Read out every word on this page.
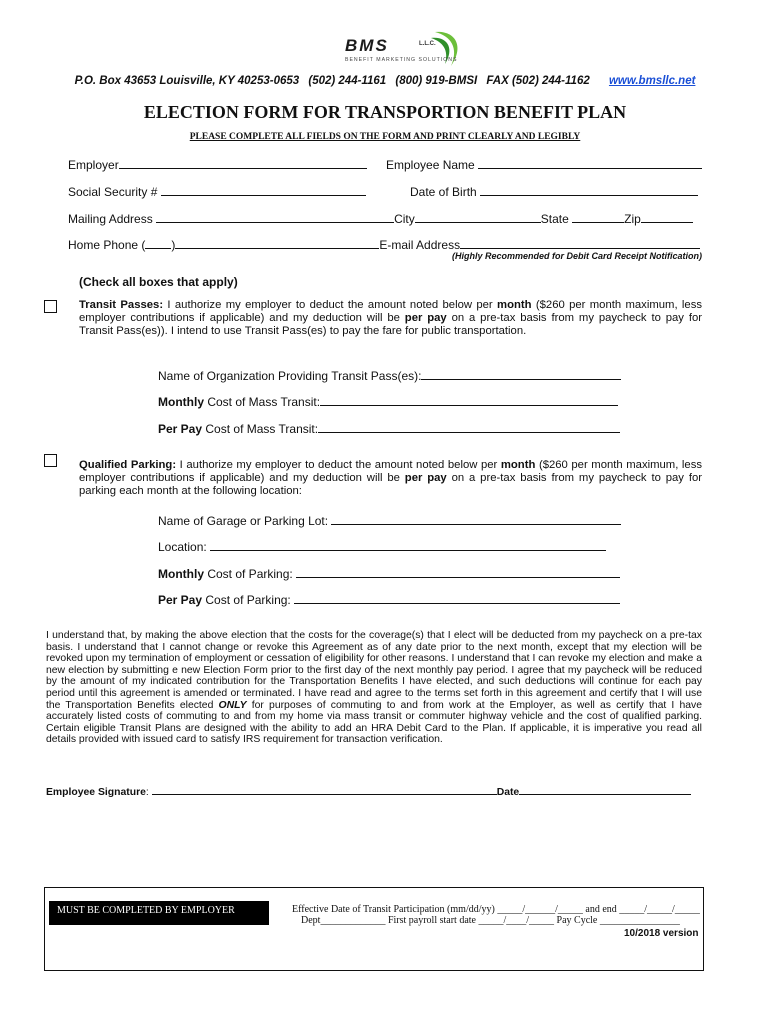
BMS	L.L.C.
BENEFIT MARKETING SOLUTIONS
P.O. Box 43653 Louisville, KY 40253-0653 (502) 244-1161 (800) 919-BMSI FAX (502) 244-1162 www.bmsllc.net
ELECTION FORM FOR TRANSPORTION BENEFIT PLAN
PLEASE COMPLETE ALL FIELDS ON THE FORM AND PRINT CLEARLY AND LEGIBLY
Employer	Employee Name
Social Security #	Date of Birth
Mailing Address	City	State	Zip
Home Phone ( )	E-mail Address
(Highly Recommended for Debit Card Receipt Notification)
(Check all boxes that apply)
Transit Passes: I authorize my employer to deduct the amount noted below per month ($260 per month maximum, less employer contributions if applicable) and my deduction will be per pay on a pre-tax basis from my paycheck to pay for Transit Pass(es)). I intend to use Transit Pass(es) to pay the fare for public transportation.
Name of Organization Providing Transit Pass(es):
Monthly Cost of Mass Transit:
Per Pay Cost of Mass Transit:
Qualified Parking: I authorize my employer to deduct the amount noted below per month ($260 per month maximum, less employer contributions if applicable) and my deduction will be per pay on a pre-tax basis from my paycheck to pay for parking each month at the following location:
Name of Garage or Parking Lot:
Location:
Monthly Cost of Parking:
Per Pay Cost of Parking:
I understand that, by making the above election that the costs for the coverage(s) that I elect will be deducted from my paycheck on a pre-tax basis. I understand that I cannot change or revoke this Agreement as of any date prior to the next month, except that my election will be revoked upon my termination of employment or cessation of eligibility for other reasons. I understand that I can revoke my election and make a new election by submitting e new Election Form prior to the first day of the next monthly pay period. I agree that my paycheck will be reduced by the amount of my indicated contribution for the Transportation Benefits I have elected, and such deductions will continue for each pay period until this agreement is amended or terminated. I have read and agree to the terms set forth in this agreement and certify that I will use the Transportation Benefits elected ONLY for purposes of commuting to and from work at the Employer, as well as certify that I have accurately listed costs of commuting to and from my home via mass transit or commuter highway vehicle and the cost of qualified parking. Certain eligible Transit Plans are designed with the ability to add an HRA Debit Card to the Plan. If applicable, it is imperative you read all details provided with issued card to satisfy IRS requirement for transaction verification.
Employee Signature:	Date
MUST BE COMPLETED BY EMPLOYER	Effective Date of Transit Participation (mm/dd/yy) _____/______/_____ and end _____/_____/_____
Dept_____________ First payroll start date _____/____/_____ Pay Cycle ________________
10/2018 version
